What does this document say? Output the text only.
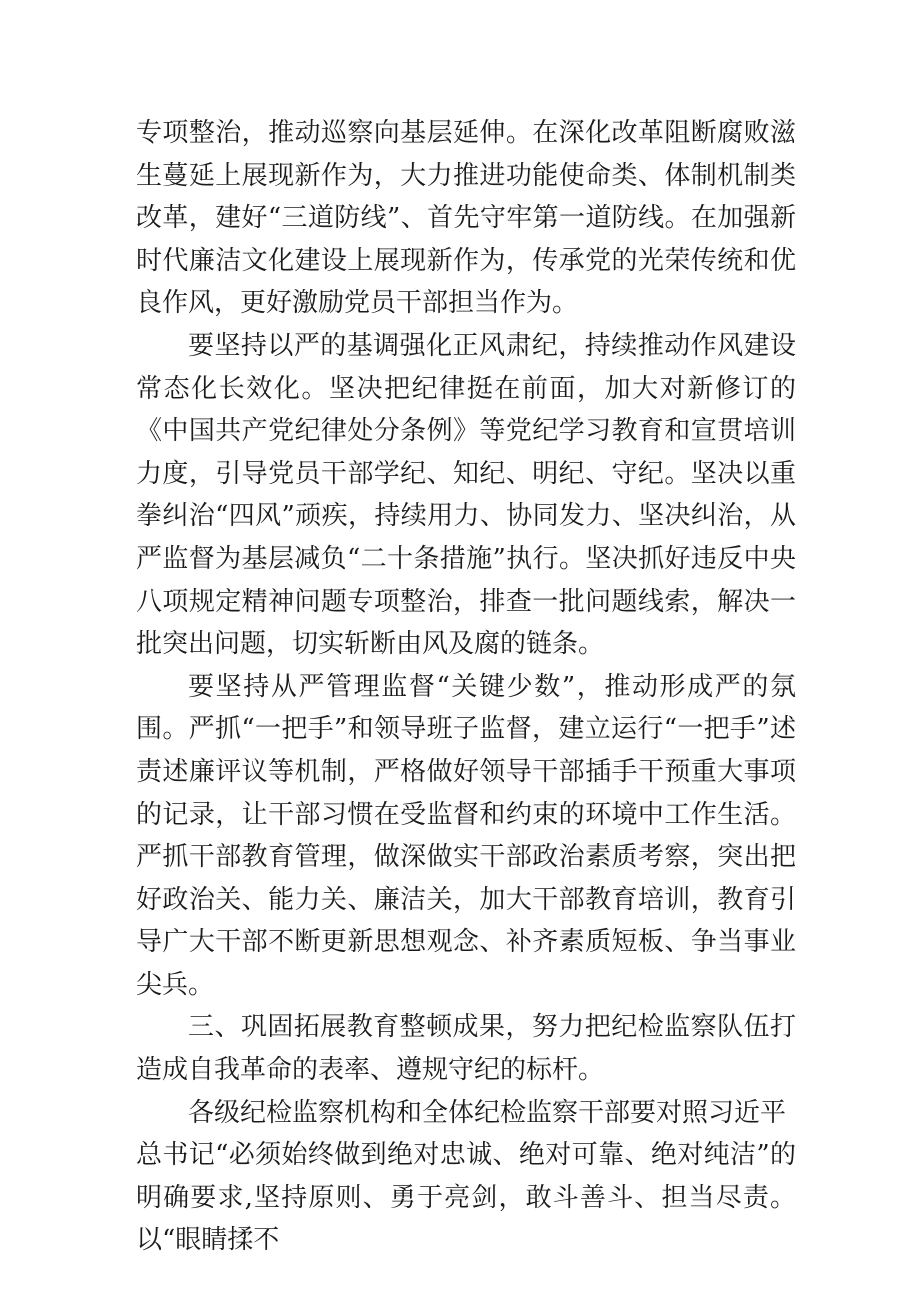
专项整治，推动巡察向基层延伸。在深化改革阻断腐败滋生蔓延上展现新作为，大力推进功能使命类、体制机制类改革，建好“三道防线”、首先守牢第一道防线。在加强新时代廉洁文化建设上展现新作为，传承党的光荣传统和优良作风，更好激励党员干部担当作为。

要坚持以严的基调强化正风肃纪，持续推动作风建设常态化长效化。坚决把纪律挺在前面，加大对新修订的《中国共产党纪律处分条例》等党纪学习教育和宣贯培训力度，引导党员干部学纪、知纪、明纪、守纪。坚决以重拳纠治“四风”顽疾，持续用力、协同发力、坚决纠治，从严监督为基层减负“二十条措施”执行。坚决抓好违反中央八项规定精神问题专项整治，排查一批问题线索，解决一批突出问题，切实斩断由风及腐的链条。

要坚持从严管理监督“关键少数”，推动形成严的氛围。严抓“一把手”和领导班子监督，建立运行“一把手”述责述廉评议等机制，严格做好领导干部插手干预重大事项的记录，让干部习惯在受监督和约束的环境中工作生活。严抓干部教育管理，做深做实干部政治素质考察，突出把好政治关、能力关、廉洁关，加大干部教育培训，教育引导广大干部不断更新思想观念、补齐素质短板、争当事业尖兵。

三、巩固拓展教育整顿成果，努力把纪检监察队伍打造成自我革命的表率、遵规守纪的标杆。

各级纪检监察机构和全体纪检监察干部要对照习近平

总书记“必须始终做到绝对忠诚、绝对可靠、绝对纯洁”的明确要求,坚持原则、勇于亮剑，敢斗善斗、担当尽责。以“眼睛揉不
